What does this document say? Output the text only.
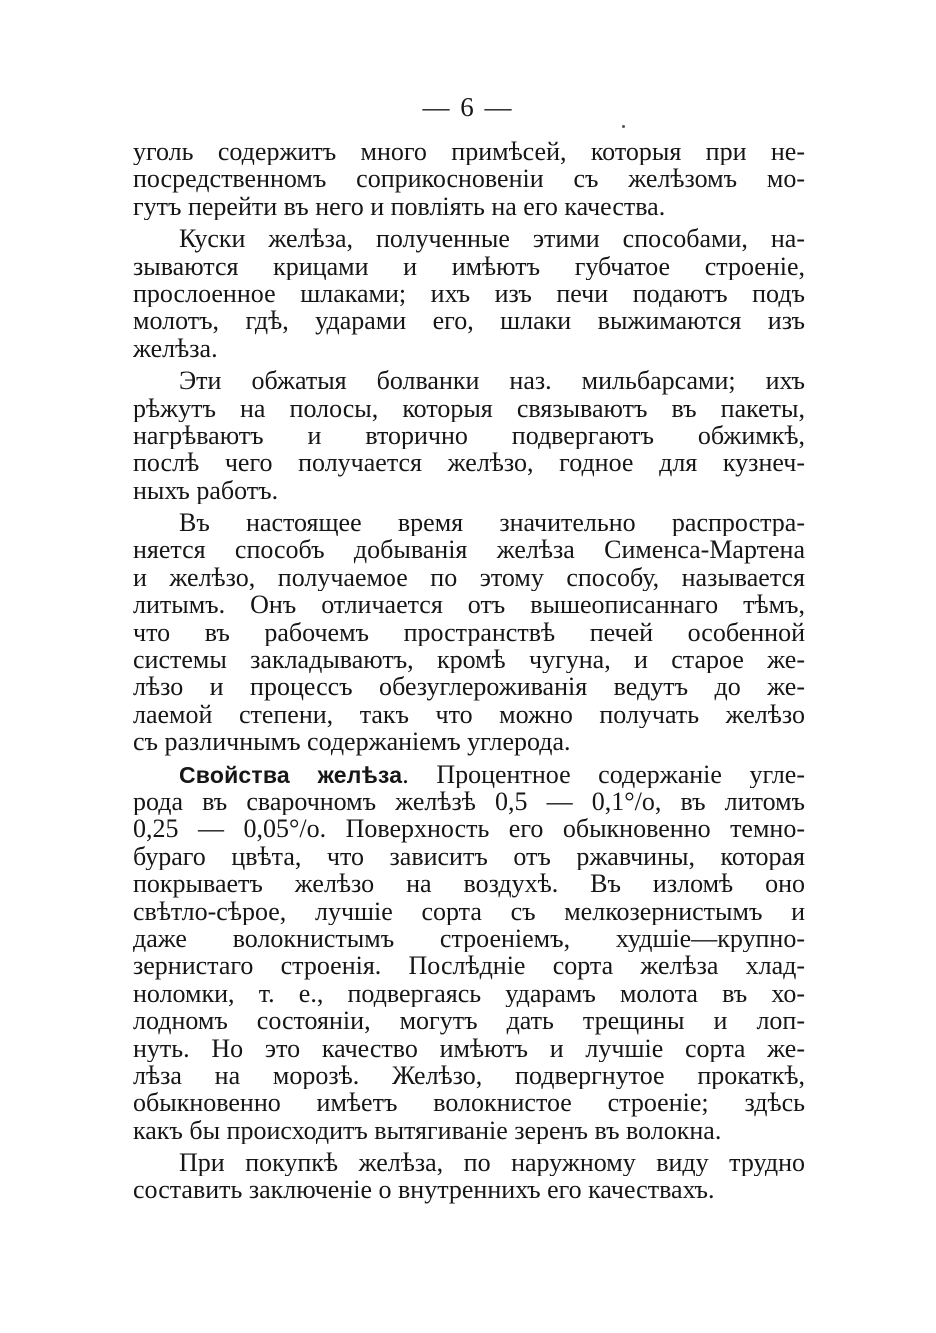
— 6 —
уголь содержитъ много примѣсей, которыя при не-
посредственномъ соприкосновенiи съ желѣзомъ мо-
гутъ перейти въ него и повлiять на его качества.
Куски желѣза, полученные этими способами, на-
зываются крицами и имѣютъ губчатое строенiе,
прослоенное шлаками; ихъ изъ печи подаютъ подъ
молотъ, гдѣ, ударами его, шлаки выжимаются изъ
желѣза.
Эти обжатыя болванки наз. мильбарсами; ихъ
рѣжутъ на полосы, которыя связываютъ въ пакеты,
нагрѣваютъ и вторично подвергаютъ обжимкѣ,
послѣ чего получается желѣзо, годное для кузнеч-
ныхъ работъ.
Въ настоящее время значительно распростра-
няется способъ добыванiя желѣза Сименса-Мартена
и желѣзо, получаемое по этому способу, называется
литымъ. Онъ отличается отъ вышеописаннаго тѣмъ,
что въ рабочемъ пространствѣ печей особенной
системы закладываютъ, кромѣ чугуна, и старое же-
лѣзо и процессъ обезуглероживанiя ведутъ до же-
лаемой степени, такъ что можно получать желѣзо
съ различнымъ содержанiемъ углерода.
Свойства желѣза. Процентное содержанiе угле-
рода въ сварочномъ желѣзѣ 0,5 — 0,1°/о, въ литомъ
0,25 — 0,05°/о. Поверхность его обыкновенно темно-
бураго цвѣта, что зависитъ отъ ржавчины, которая
покрываетъ желѣзо на воздухѣ. Въ изломѣ оно
свѣтло-сѣрое, лучшiе сорта съ мелкозернистымъ и
даже волокнистымъ строенiемъ, худшiе—крупно-
зернистаго строенiя. Послѣднiе сорта желѣза хлад-
ноломки, т. е., подвергаясь ударамъ молота въ хо-
лодномъ состоянiи, могутъ дать трещины и лоп-
нуть. Но это качество имѣютъ и лучшiе сорта же-
лѣза на морозѣ. Желѣзо, подвергнутое прокаткѣ,
обыкновенно имѣетъ волокнистое строенiе; здѣсь
какъ бы происходитъ вытягиванiе зеренъ въ волокна.
При покупкѣ желѣза, по наружному виду трудно
составить заключенiе о внутреннихъ его качествахъ.
